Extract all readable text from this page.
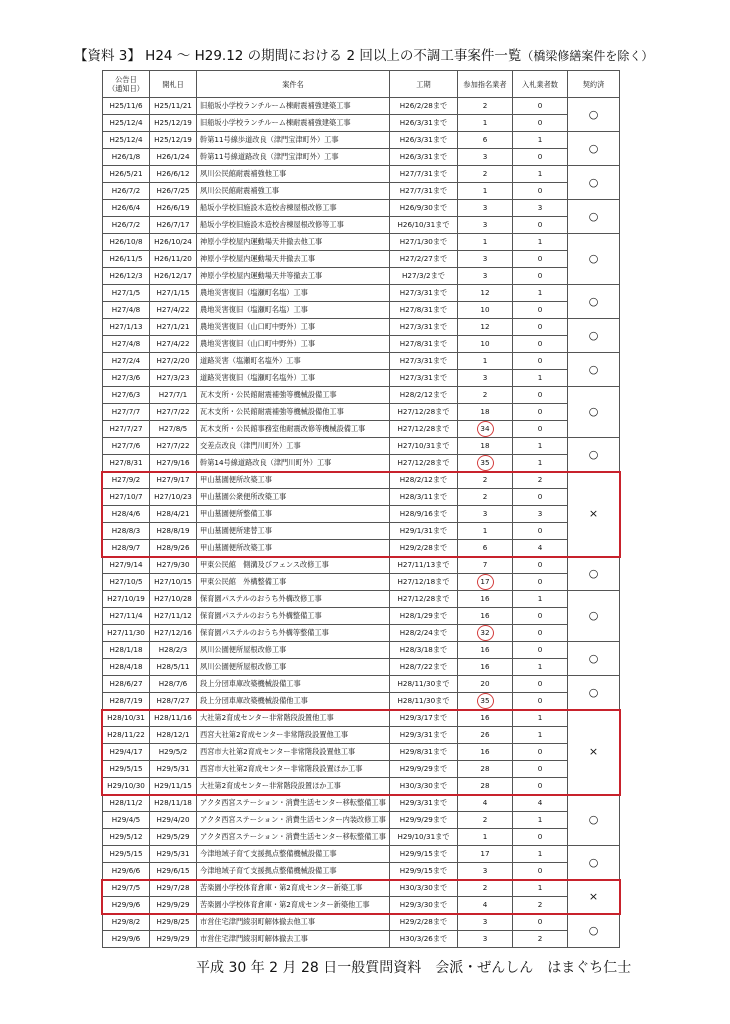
【資料 3】 H24 ～ H29.12 の期間における 2 回以上の不調工事案件一覧（橋梁修繕案件を除く）
公告日
（通知日）	開札日	案件名	工期	参加指名業者	入札業者数	契約済
H25/11/6	H25/11/21	旧船坂小学校ランチルーム棟耐震補強建築工事	H26/2/28まで	2	0	○
H25/12/4	H25/12/19	旧船坂小学校ランチルーム棟耐震補強建築工事	H26/3/31まで	1	0	
H25/12/4	H25/12/19	幹第11号線歩道改良（津門宝津町外）工事	H26/3/31まで	6	1	○
H26/1/8	H26/1/24	幹第11号線道路改良（津門宝津町外）工事	H26/3/31まで	3	0	
H26/5/21	H26/6/12	夙川公民館耐震補強他工事	H27/7/31まで	2	1	○
H26/7/2	H26/7/25	夙川公民館耐震補強工事	H27/7/31まで	1	0	
H26/6/4	H26/6/19	船坂小学校旧施設木造校舎棟屋根改修工事	H26/9/30まで	3	3	○
H26/7/2	H26/7/17	船坂小学校旧施設木造校舎棟屋根改修等工事	H26/10/31まで	3	0	
H26/10/8	H26/10/24	神原小学校屋内運動場天井撤去他工事	H27/1/30まで	1	1	○
H26/11/5	H26/11/20	神原小学校屋内運動場天井撤去工事	H27/2/27まで	3	0	
H26/12/3	H26/12/17	神原小学校屋内運動場天井等撤去工事	H27/3/2まで	3	0	
H27/1/5	H27/1/15	農地災害復旧（塩瀬町名塩）工事	H27/3/31まで	12	1	○
H27/4/8	H27/4/22	農地災害復旧（塩瀬町名塩）工事	H27/8/31まで	10	0	
H27/1/13	H27/1/21	農地災害復旧（山口町中野外）工事	H27/3/31まで	12	0	○
H27/4/8	H27/4/22	農地災害復旧（山口町中野外）工事	H27/8/31まで	10	0	
H27/2/4	H27/2/20	道路災害（塩瀬町名塩外）工事	H27/3/31まで	1	0	○
H27/3/6	H27/3/23	道路災害復旧（塩瀬町名塩外）工事	H27/3/31まで	3	1	
H27/6/3	H27/7/1	瓦木支所・公民館耐震補強等機械設備工事	H28/2/12まで	2	0	○
H27/7/7	H27/7/22	瓦木支所・公民館耐震補強等機械設備他工事	H27/12/28まで	18	0	
H27/7/27	H27/8/5	瓦木支所・公民館事務室他耐震改修等機械設備工事	H27/12/28まで	34	0	
H27/7/6	H27/7/22	交差点改良（津門川町外）工事	H27/10/31まで	18	1	○
H27/8/31	H27/9/16	幹第14号線道路改良（津門川町外）工事	H27/12/28まで	35	1	
H27/9/2	H27/9/17	甲山墓園便所改築工事	H28/2/12まで	2	2	×
H27/10/7	H27/10/23	甲山墓園公衆便所改築工事	H28/3/11まで	2	0	
H28/4/6	H28/4/21	甲山墓園便所整備工事	H28/9/16まで	3	3	
H28/8/3	H28/8/19	甲山墓園便所建替工事	H29/1/31まで	1	0	
H28/9/7	H28/9/26	甲山墓園便所改築工事	H29/2/28まで	6	4	
H27/9/14	H27/9/30	甲東公民館　側溝及びフェンス改修工事	H27/11/13まで	7	0	○
H27/10/5	H27/10/15	甲東公民館　外構整備工事	H27/12/18まで	17	0	
H27/10/19	H27/10/28	保育園パステルのおうち外構改修工事	H27/12/28まで	16	1	○
H27/11/4	H27/11/12	保育園パステルのおうち外構整備工事	H28/1/29まで	16	0	
H27/11/30	H27/12/16	保育園パステルのおうち外構等整備工事	H28/2/24まで	32	0	
H28/1/18	H28/2/3	夙川公園便所屋根改修工事	H28/3/18まで	16	0	○
H28/4/18	H28/5/11	夙川公園便所屋根改修工事	H28/7/22まで	16	1	
H28/6/27	H28/7/6	段上分団車庫改築機械設備工事	H28/11/30まで	20	0	○
H28/7/19	H28/7/27	段上分団車庫改築機械設備他工事	H28/11/30まで	35	0	
H28/10/31	H28/11/16	大社第2育成センター非常階段設置他工事	H29/3/17まで	16	1	×
H28/11/22	H28/12/1	西宮大社第2育成センター非常階段設置他工事	H29/3/31まで	26	1	
H29/4/17	H29/5/2	西宮市大社第2育成センター非常階段設置他工事	H29/8/31まで	16	0	
H29/5/15	H29/5/31	西宮市大社第2育成センター非常階段設置ほか工事	H29/9/29まで	28	0	
H29/10/30	H29/11/15	大社第2育成センター非常階段設置ほか工事	H30/3/30まで	28	0	
H28/11/2	H28/11/18	アクタ西宮ステーション・消費生活センター移転整備工事	H29/3/31まで	4	4	○
H29/4/5	H29/4/20	アクタ西宮ステーション・消費生活センター内装改修工事	H29/9/29まで	2	1	
H29/5/12	H29/5/29	アクタ西宮ステーション・消費生活センター移転整備工事	H29/10/31まで	1	0	
H29/5/15	H29/5/31	今津地域子育て支援拠点整備機械設備工事	H29/9/15まで	17	1	○
H29/6/6	H29/6/15	今津地域子育て支援拠点整備機械設備工事	H29/9/15まで	3	0	
H29/7/5	H29/7/28	苦楽園小学校体育倉庫・第2育成センター新築工事	H30/3/30まで	2	1	×
H29/9/6	H29/9/29	苦楽園小学校体育倉庫・第2育成センター新築他工事	H29/3/30まで	4	2	
H29/8/2	H29/8/25	市営住宅津門綾羽町解体撤去他工事	H29/2/28まで	3	0	○
H29/9/6	H29/9/29	市営住宅津門綾羽町解体撤去工事	H30/3/26まで	3	2	
平成 30 年 2 月 28 日一般質問資料　会派・ぜんしん　はまぐち仁士
